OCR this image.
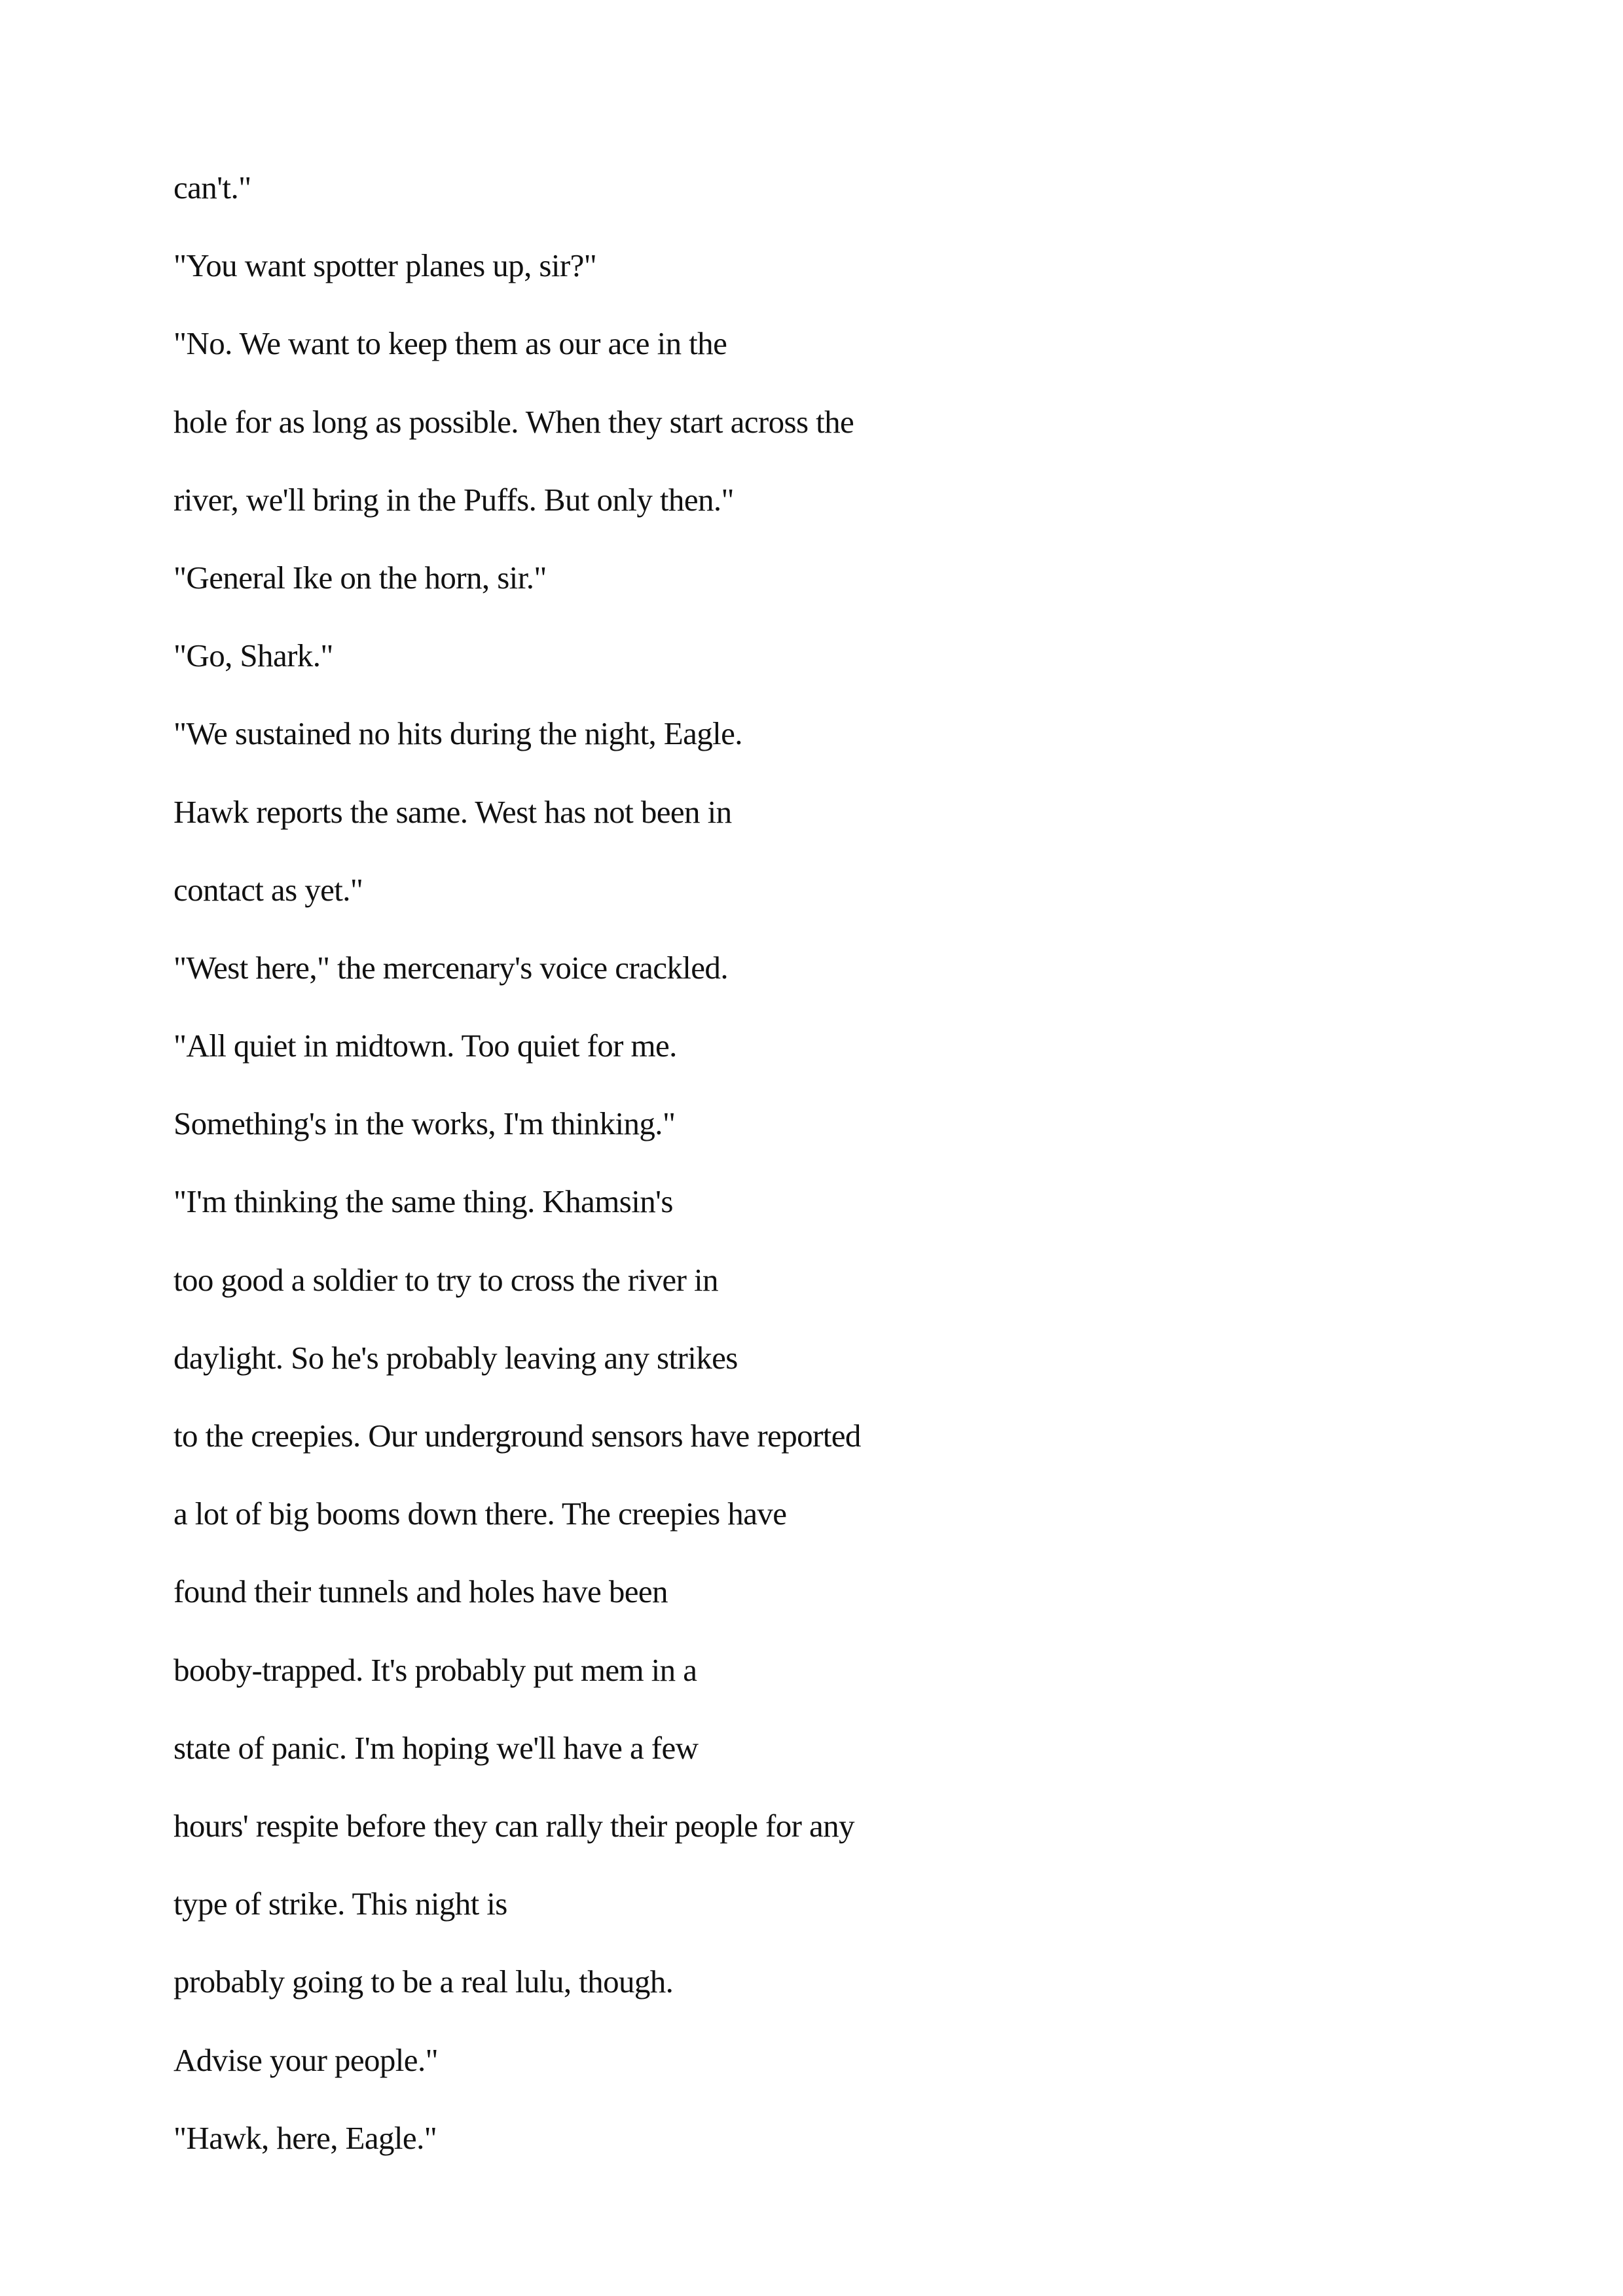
can't."
"You want spotter planes up, sir?"
"No. We want to keep them as our ace in the
hole for as long as possible. When they start across the
river, we'll bring in the Puffs. But only then."
"General Ike on the horn, sir."
"Go, Shark."
"We sustained no hits during the night, Eagle.
Hawk reports the same. West has not been in
contact as yet."
"West here," the mercenary's voice crackled.
"All quiet in midtown. Too quiet for me.
Something's in the works, I'm thinking."
"I'm thinking the same thing. Khamsin's
too good a soldier to try to cross the river in
daylight. So he's probably leaving any strikes
to the creepies. Our underground sensors have reported
a lot of big booms down there. The creepies have
found their tunnels and holes have been
booby-trapped. It's probably put mem in a
state of panic. I'm hoping we'll have a few
hours' respite before they can rally their people for any
type of strike. This night is
probably going to be a real lulu, though.
Advise your people."
"Hawk, here, Eagle."
